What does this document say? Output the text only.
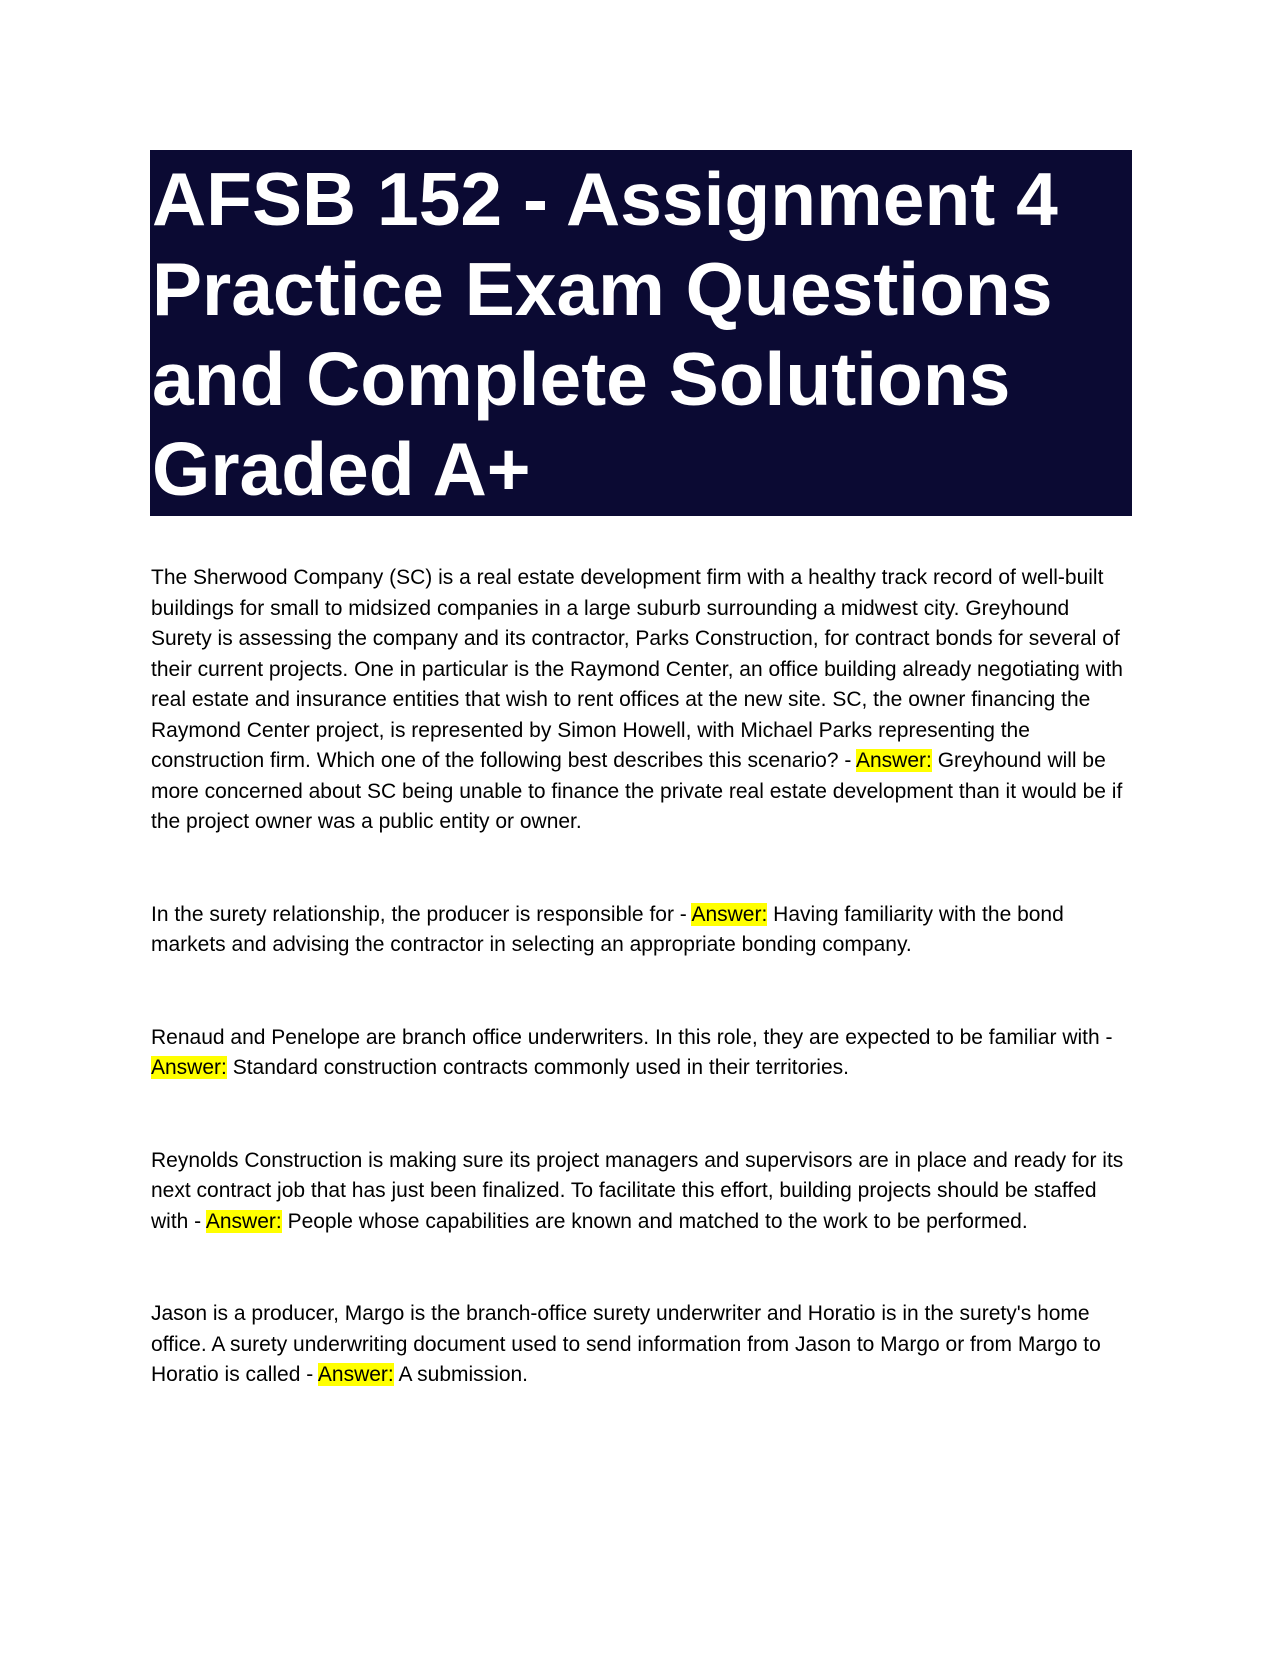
AFSB 152 - Assignment 4
Practice Exam Questions
and Complete Solutions
Graded A+

The Sherwood Company (SC) is a real estate development firm with a healthy track record of well-built buildings for small to midsized companies in a large suburb surrounding a midwest city. Greyhound Surety is assessing the company and its contractor, Parks Construction, for contract bonds for several of their current projects. One in particular is the Raymond Center, an office building already negotiating with real estate and insurance entities that wish to rent offices at the new site. SC, the owner financing the Raymond Center project, is represented by Simon Howell, with Michael Parks representing the construction firm. Which one of the following best describes this scenario? - Answer: Greyhound will be more concerned about SC being unable to finance the private real estate development than it would be if the project owner was a public entity or owner.

In the surety relationship, the producer is responsible for - Answer: Having familiarity with the bond markets and advising the contractor in selecting an appropriate bonding company.

Renaud and Penelope are branch office underwriters. In this role, they are expected to be familiar with - Answer: Standard construction contracts commonly used in their territories.

Reynolds Construction is making sure its project managers and supervisors are in place and ready for its next contract job that has just been finalized. To facilitate this effort, building projects should be staffed with - Answer: People whose capabilities are known and matched to the work to be performed.

Jason is a producer, Margo is the branch-office surety underwriter and Horatio is in the surety's home office. A surety underwriting document used to send information from Jason to Margo or from Margo to Horatio is called - Answer: A submission.
